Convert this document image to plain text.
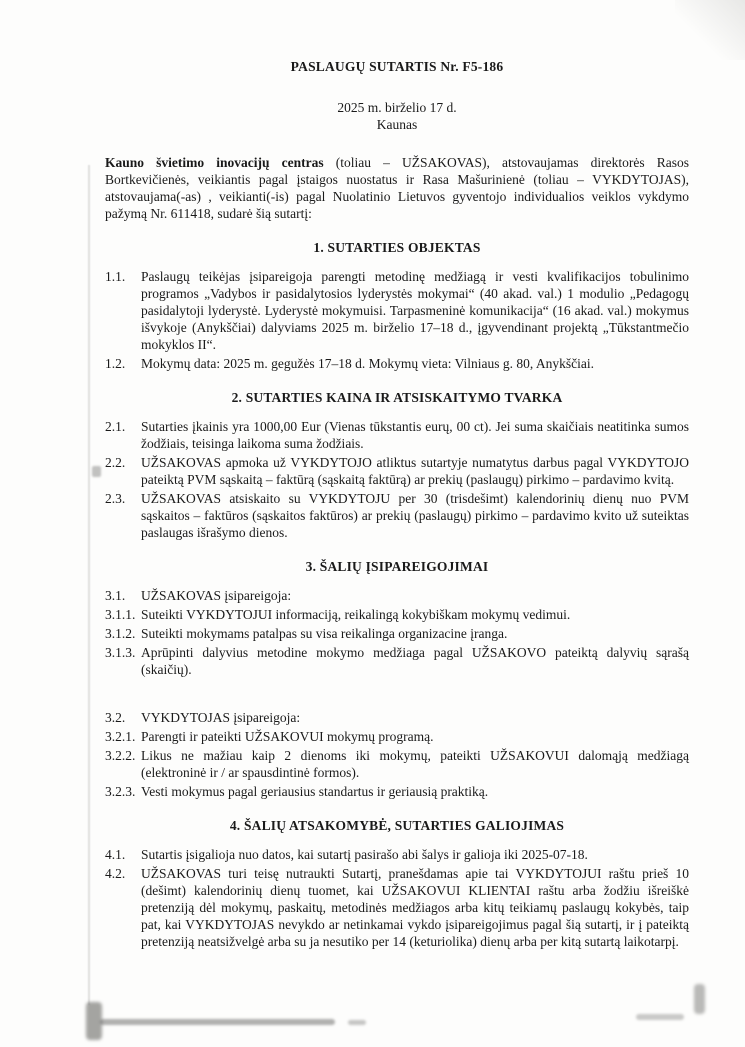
PASLAUGŲ SUTARTIS Nr. F5-186
2025 m. birželio 17 d.
Kaunas

Kauno švietimo inovacijų centras (toliau – UŽSAKOVAS), atstovaujamas direktorės Rasos Bortkevičienės, veikiantis pagal įstaigos nuostatus ir Rasa Mašurinienė (toliau – VYKDYTOJAS), atstovaujama(-as) , veikianti(-is) pagal Nuolatinio Lietuvos gyventojo individualios veiklos vykdymo pažymą Nr. 611418, sudarė šią sutartį:

1. SUTARTIES OBJEKTAS
1.1. Paslaugų teikėjas įsipareigoja parengti metodinę medžiagą ir vesti kvalifikacijos tobulinimo programos „Vadybos ir pasidalytosios lyderystės mokymai“ (40 akad. val.) 1 modulio „Pedagogų pasidalytoji lyderystė. Lyderystė mokymuisi. Tarpasmeninė komunikacija“ (16 akad. val.) mokymus išvykoje (Anykščiai) dalyviams 2025 m. birželio 17–18 d., įgyvendinant projektą „Tūkstantmečio mokyklos II“.
1.2. Mokymų data: 2025 m. gegužės 17–18 d. Mokymų vieta: Vilniaus g. 80, Anykščiai.
2. SUTARTIES KAINA IR ATSISKAITYMO TVARKA
2.1. Sutarties įkainis yra 1000,00 Eur (Vienas tūkstantis eurų, 00 ct). Jei suma skaičiais neatitinka sumos žodžiais, teisinga laikoma suma žodžiais.
2.2. UŽSAKOVAS apmoka už VYKDYTOJO atliktus sutartyje numatytus darbus pagal VYKDYTOJO pateiktą PVM sąskaitą – faktūrą (sąskaitą faktūrą) ar prekių (paslaugų) pirkimo – pardavimo kvitą.
2.3. UŽSAKOVAS atsiskaito su VYKDYTOJU per 30 (trisdešimt) kalendorinių dienų nuo PVM sąskaitos – faktūros (sąskaitos faktūros) ar prekių (paslaugų) pirkimo – pardavimo kvito už suteiktas paslaugas išrašymo dienos.
3. ŠALIŲ ĮSIPAREIGOJIMAI
3.1. UŽSAKOVAS įsipareigoja:
3.1.1. Suteikti VYKDYTOJUI informaciją, reikalingą kokybiškam mokymų vedimui.
3.1.2. Suteikti mokymams patalpas su visa reikalinga organizacine įranga.
3.1.3. Aprūpinti dalyvius metodine mokymo medžiaga pagal UŽSAKOVO pateiktą dalyvių sąrašą (skaičių).
3.2. VYKDYTOJAS įsipareigoja:
3.2.1. Parengti ir pateikti UŽSAKOVUI mokymų programą.
3.2.2. Likus ne mažiau kaip 2 dienoms iki mokymų, pateikti UŽSAKOVUI dalomąją medžiagą (elektroninė ir / ar spausdintinė formos).
3.2.3. Vesti mokymus pagal geriausius standartus ir geriausią praktiką.
4. ŠALIŲ ATSAKOMYBĖ, SUTARTIES GALIOJIMAS
4.1. Sutartis įsigalioja nuo datos, kai sutartį pasirašo abi šalys ir galioja iki 2025-07-18.
4.2. UŽSAKOVAS turi teisę nutraukti Sutartį, pranešdamas apie tai VYKDYTOJUI raštu prieš 10 (dešimt) kalendorinių dienų tuomet, kai UŽSAKOVUI KLIENTAI raštu arba žodžiu išreiškė pretenziją dėl mokymų, paskaitų, metodinės medžiagos arba kitų teikiamų paslaugų kokybės, taip pat, kai VYKDYTOJAS nevykdo ar netinkamai vykdo įsipareigojimus pagal šią sutartį, ir į pateiktą pretenziją neatsižvelgė arba su ja nesutiko per 14 (keturiolika) dienų arba per kitą sutartą laikotarpį.
